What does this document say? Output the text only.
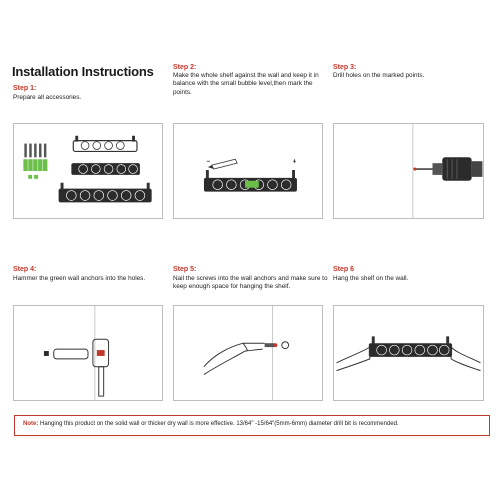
Installation Instructions
Step 1:
Prepare all accessories.
Step 2:
Make the whole shelf against the wall and keep it in balance with the small bubble level,then mark the points.
Step 3:
Drill holes on the marked points.
Step 4:
Hammer the green wall anchors into the holes.
Step 5:
Nail the screws into the wall anchors and make sure to keep enough space for hanging the shelf.
Step 6
Hang the shelf on the wall.
Note: Hanging this product on the solid wall or thicker dry wall is more effective. 13/64" -15/64"(5mm-6mm) diameter drill bit is recommended.
